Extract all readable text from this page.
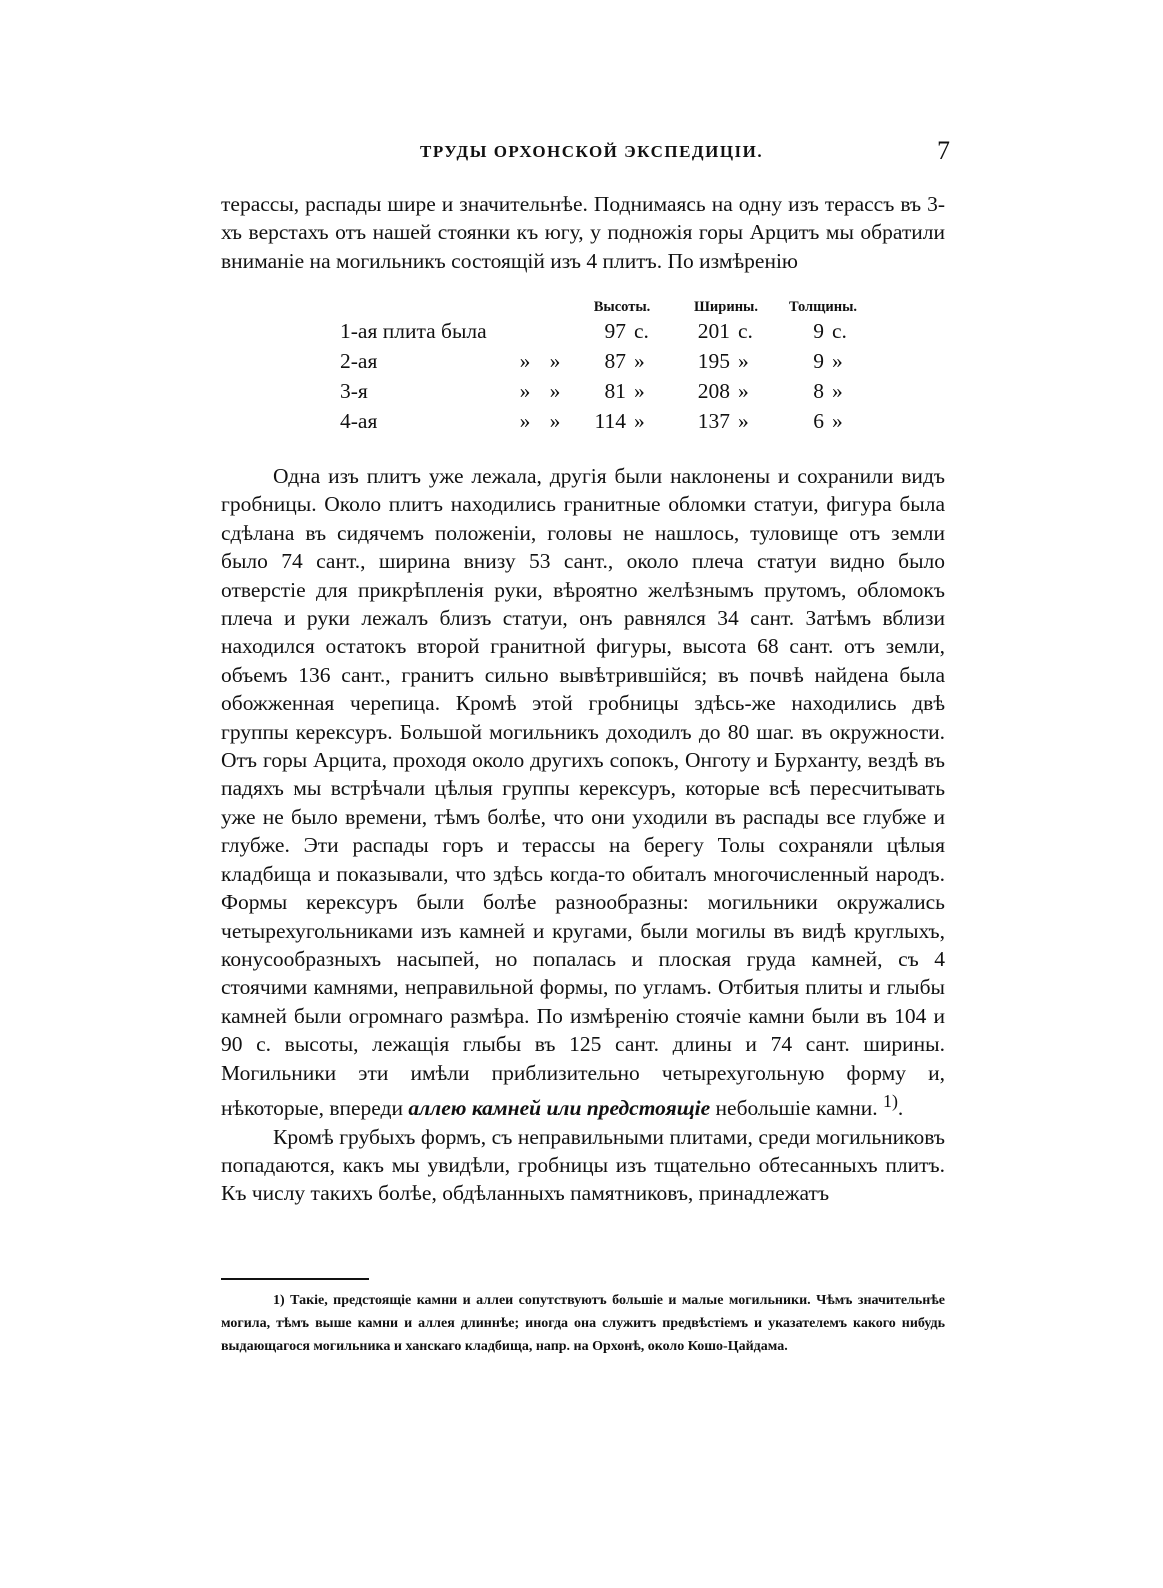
ТРУДЫ ОРХОНСКОЙ ЭКСПЕДИЦIИ.	7

терассы, распады шире и значительнѣе. Поднимаясь на одну изъ терассъ въ 3-хъ верстахъ отъ нашей стоянки къ югу, у подножiя горы Арцитъ мы обратили вниманiе на могильникъ состоящiй изъ 4 плитъ. По измѣренiю

			Высоты.			Ширины.			Толщины.		
1-ая плита была			97		с.	201		с.	9		с.
2-ая	»	»	87		»	195		»	9		»
3-я	»	»	81		»	208		»	8		»
4-ая	»	»	114		»	137		»	6		»

Одна изъ плитъ уже лежала, другiя были наклонены и сохранили видъ гробницы. Около плитъ находились гранитные обломки статуи, фигура была сдѣлана въ сидячемъ положенiи, головы не нашлось, туловище отъ земли было 74 сант., ширина внизу 53 сант., около плеча статуи видно было отверстiе для прикрѣпленiя руки, вѣроятно желѣзнымъ прутомъ, обломокъ плеча и руки лежалъ близъ статуи, онъ равнялся 34 сант. Затѣмъ вблизи находился остатокъ второй гранитной фигуры, высота 68 сант. отъ земли, объемъ 136 сант., гранитъ сильно вывѣтрившiйся; въ почвѣ найдена была обожженная черепица. Кромѣ этой гробницы здѣсь-же находились двѣ группы керексуръ. Большой могильникъ доходилъ до 80 шаг. въ окружности. Отъ горы Арцита, проходя около другихъ сопокъ, Онготу и Бурханту, вездѣ въ падяхъ мы встрѣчали цѣлыя группы керексуръ, которые всѣ пересчитывать уже не было времени, тѣмъ болѣе, что они уходили въ распады все глубже и глубже. Эти распады горъ и терассы на берегу Толы сохраняли цѣлыя кладбища и показывали, что здѣсь когда-то обиталъ многочисленный народъ. Формы керексуръ были болѣе разнообразны: могильники окружались четырехугольниками изъ камней и кругами, были могилы въ видѣ круглыхъ, конусообразныхъ насыпей, но попалась и плоская груда камней, съ 4 стоячими камнями, неправильной формы, по угламъ. Отбитыя плиты и глыбы камней были огромнаго размѣра. По измѣренiю стоячiе камни были въ 104 и 90 с. высоты, лежащiя глыбы въ 125 сант. длины и 74 сант. ширины. Могильники эти имѣли приблизительно четырехугольную форму и, нѣкоторые, впереди аллею камней или предстоящiе небольшiе камни. $^{1)}$.

Кромѣ грубыхъ формъ, съ неправильными плитами, среди могильниковъ попадаются, какъ мы увидѣли, гробницы изъ тщательно обтесанныхъ плитъ. Къ числу такихъ болѣе, обдѣланныхъ памятниковъ, принадлежатъ

1) Такiе, предстоящiе камни и аллеи сопутствуютъ большiе и малые могильники. Чѣмъ значительнѣе могила, тѣмъ выше камни и аллея длиннѣе; иногда она служитъ предвѣстiемъ и указателемъ какого нибудь выдающагося могильника и ханскаго кладбища, напр. на Орхонѣ, около Кошо-Цайдама.
